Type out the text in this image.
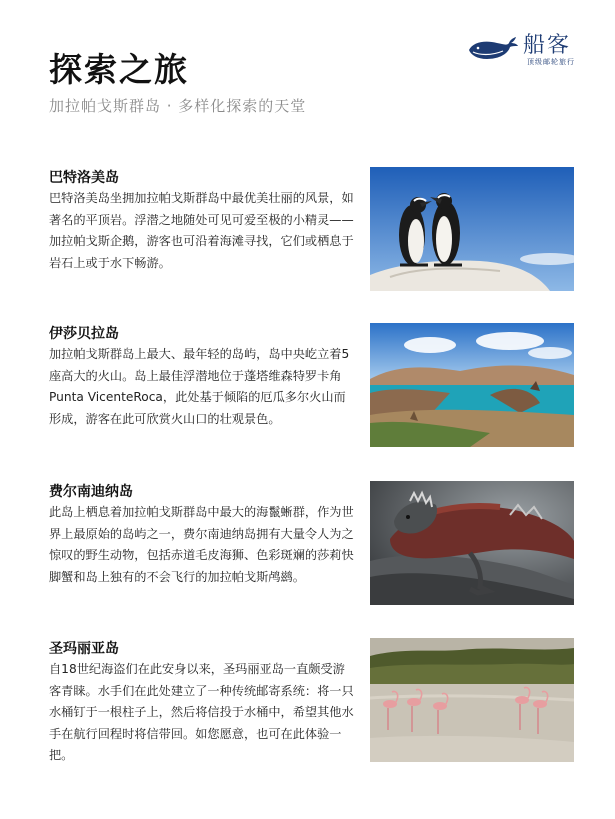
探索之旅
加拉帕戈斯群岛 · 多样化探索的天堂
船客
顶级邮轮旅行
巴特洛美岛
巴特洛美岛坐拥加拉帕戈斯群岛中最优美壮丽的风景，如著名的平顶岩。浮潜之地随处可见可爱至极的小精灵——加拉帕戈斯企鹅，游客也可沿着海滩寻找，它们或栖息于岩石上或于水下畅游。
伊莎贝拉岛
加拉帕戈斯群岛上最大、最年轻的岛屿，岛中央屹立着5座高大的火山。岛上最佳浮潜地位于蓬塔维森特罗卡角Punta VicenteRoca，此处基于倾陷的厄瓜多尔火山而形成，游客在此可欣赏火山口的壮观景色。
费尔南迪纳岛
此岛上栖息着加拉帕戈斯群岛中最大的海鬣蜥群，作为世界上最原始的岛屿之一，费尔南迪纳岛拥有大量令人为之惊叹的野生动物，包括赤道毛皮海狮、色彩斑斓的莎莉快脚蟹和岛上独有的不会飞行的加拉帕戈斯鸬鹚。
圣玛丽亚岛
自18世纪海盗们在此安身以来，圣玛丽亚岛一直颇受游客青睐。水手们在此处建立了一种传统邮寄系统：将一只水桶钉于一根柱子上，然后将信投于水桶中，希望其他水手在航行回程时将信带回。如您愿意，也可在此体验一把。
